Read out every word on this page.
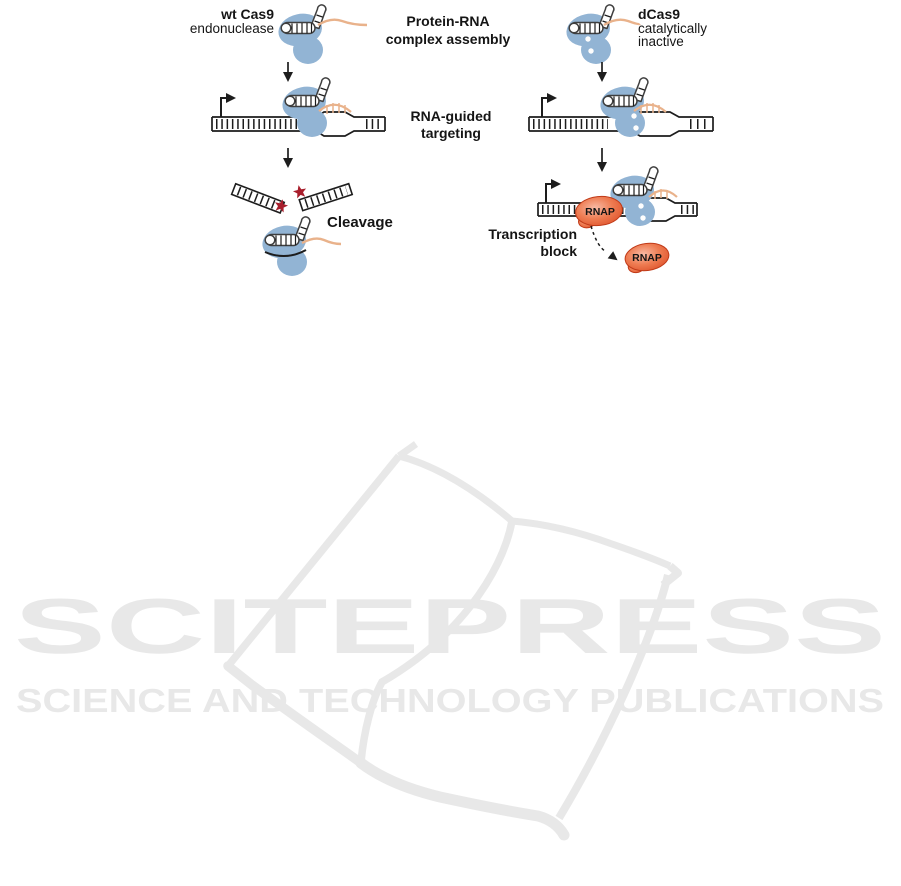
SCITEPRESS
SCIENCE AND TECHNOLOGY PUBLICATIONS
wt Cas9
endonuclease
Cleavage
Protein-RNA
complex assembly
RNA-guided
targeting
dCas9
catalytically
inactive
RNAP
Transcription
block	RNAP
